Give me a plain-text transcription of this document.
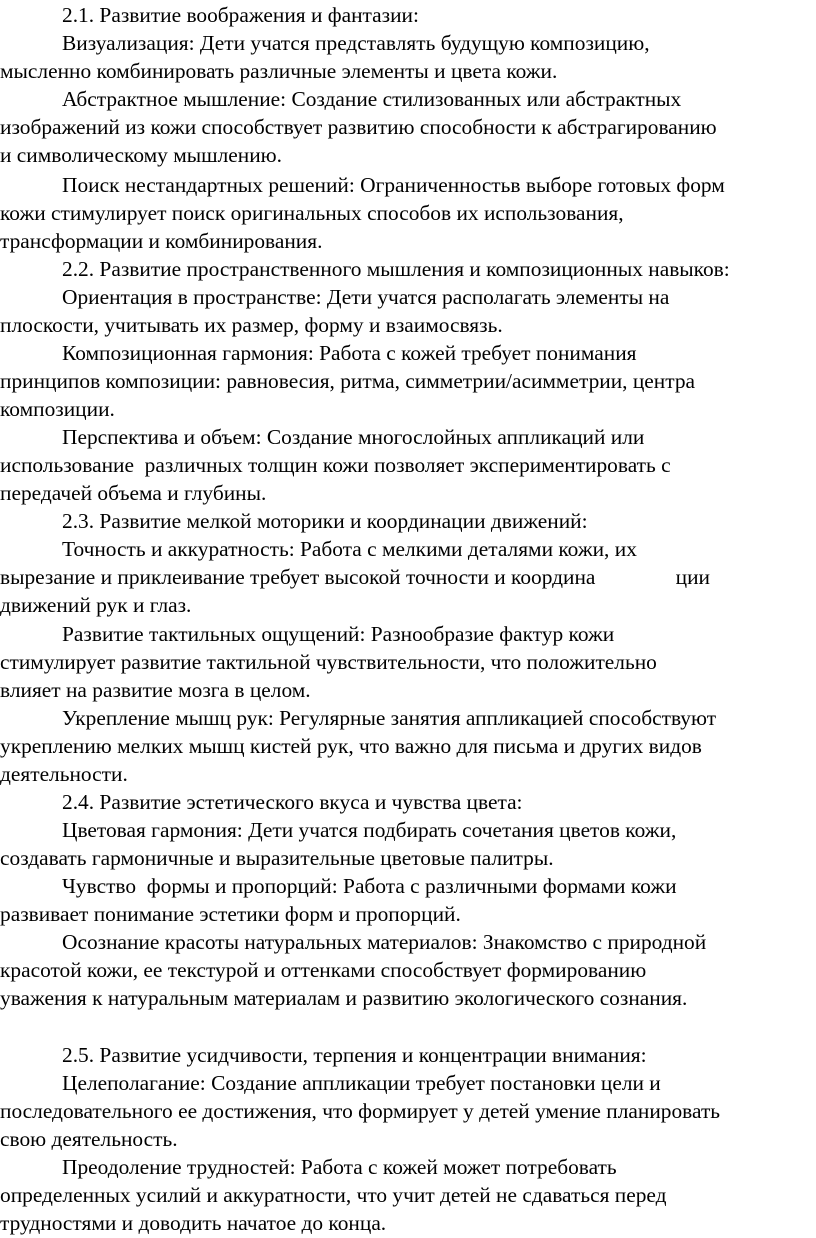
2.1. Развитие воображения и фантазии:
Визуализация: Дети учатся представлять будущую композицию,
мысленно комбинировать различные элементы и цвета кожи.
Абстрактное мышление: Создание стилизованных или абстрактных
изображений из кожи способствует развитию способности к абстрагированию
и символическому мышлению.
Поиск нестандартных решений: Ограниченностьв выборе готовых форм
кожи стимулирует поиск оригинальных способов их использования,
трансформации и комбинирования.
2.2. Развитие пространственного мышления и композиционных навыков:
Ориентация в пространстве: Дети учатся располагать элементы на
плоскости, учитывать их размер, форму и взаимосвязь.
Композиционная гармония: Работа с кожей требует понимания
принципов композиции: равновесия, ритма, симметрии/асимметрии, центра
композиции.
Перспектива и объем: Создание многослойных аппликаций или
использование  различных толщин кожи позволяет экспериментировать с
передачей объема и глубины.
2.3. Развитие мелкой моторики и координации движений:
Точность и аккуратность: Работа с мелкими деталями кожи, их
вырезание и приклеивание требует высокой точности и координа               ции
движений рук и глаз.
Развитие тактильных ощущений: Разнообразие фактур кожи
стимулирует развитие тактильной чувствительности, что положительно
влияет на развитие мозга в целом.
Укрепление мышц рук: Регулярные занятия аппликацией способствуют
укреплению мелких мышц кистей рук, что важно для письма и других видов
деятельности.
2.4. Развитие эстетического вкуса и чувства цвета:
Цветовая гармония: Дети учатся подбирать сочетания цветов кожи,
создавать гармоничные и выразительные цветовые палитры.
Чувство  формы и пропорций: Работа с различными формами кожи
развивает понимание эстетики форм и пропорций.
Осознание красоты натуральных материалов: Знакомство с природной
красотой кожи, ее текстурой и оттенками способствует формированию
уважения к натуральным материалам и развитию экологического сознания.
2.5. Развитие усидчивости, терпения и концентрации внимания:
Целеполагание: Создание аппликации требует постановки цели и
последовательного ее достижения, что формирует у детей умение планировать
свою деятельность.
Преодоление трудностей: Работа с кожей может потребовать
определенных усилий и аккуратности, что учит детей не сдаваться перед
трудностями и доводить начатое до конца.
